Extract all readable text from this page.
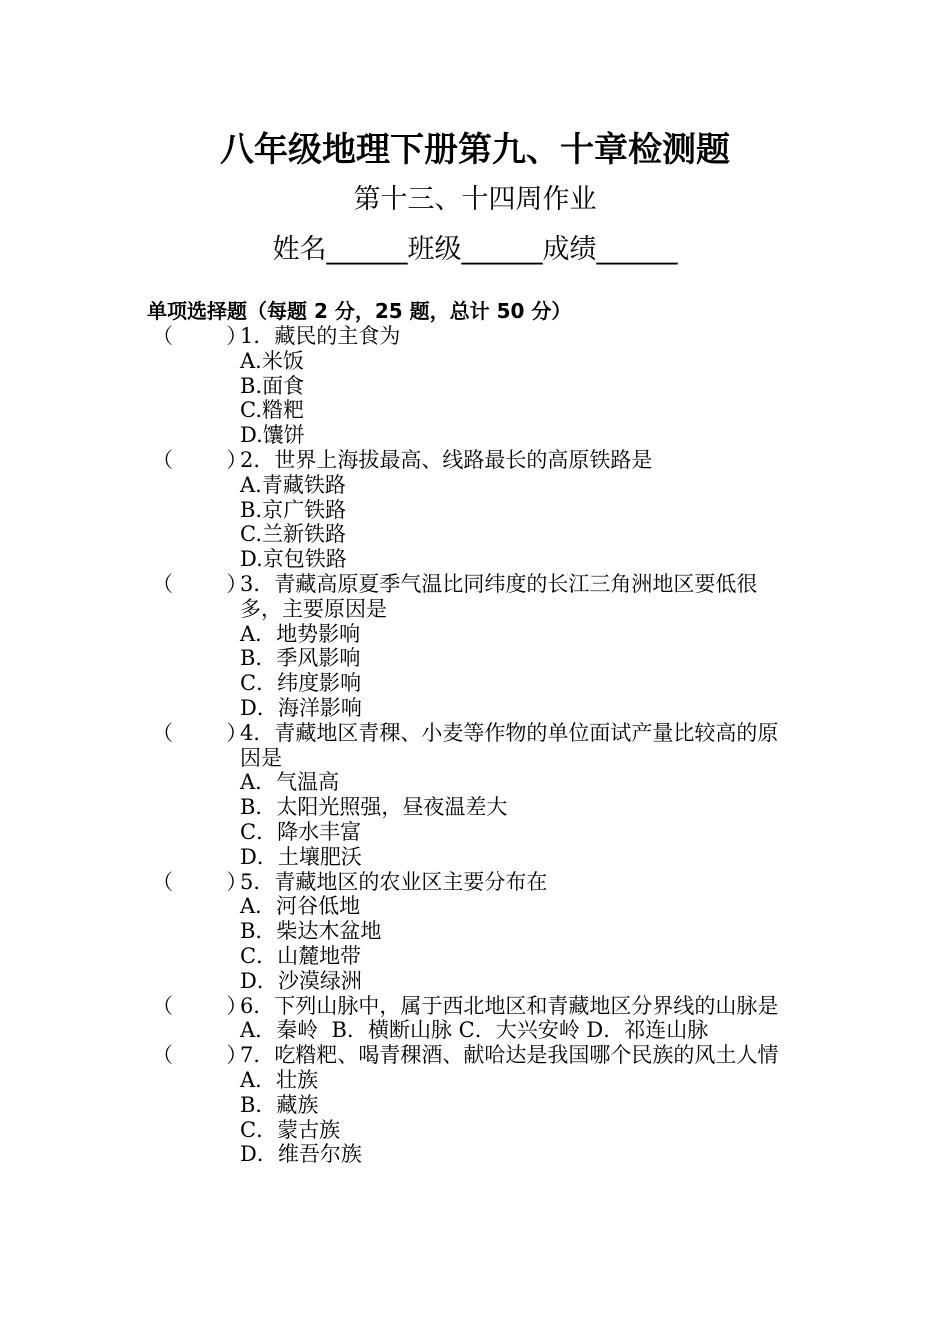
八年级地理下册第九、十章检测题
第十三、十四周作业
姓名______班级______成绩______
单项选择题（每题 2 分，25 题，总计 50 分）
（        ）
1．藏民的主食为
A.米饭
B.面食
C.糌粑
D.馕饼
（        ）
2．世界上海拔最高、线路最长的高原铁路是
A.青藏铁路
B.京广铁路
C.兰新铁路
D.京包铁路
（        ）
3．青藏高原夏季气温比同纬度的长江三角洲地区要低很多，主要原因是
A．地势影响
B．季风影响
C．纬度影响
D．海洋影响
（        ）
4．青藏地区青稞、小麦等作物的单位面试产量比较高的原因是
A．气温高
B．太阳光照强，昼夜温差大
C．降水丰富
D．土壤肥沃
（        ）
5．青藏地区的农业区主要分布在
A．河谷低地
B．柴达木盆地
C．山麓地带
D．沙漠绿洲
（        ）
6．下列山脉中，属于西北地区和青藏地区分界线的山脉是
A．秦岭  B．横断山脉 C．大兴安岭 D．祁连山脉
（        ）
7．吃糌粑、喝青稞酒、献哈达是我国哪个民族的风土人情
A．壮族
B．藏族
C．蒙古族
D．维吾尔族
